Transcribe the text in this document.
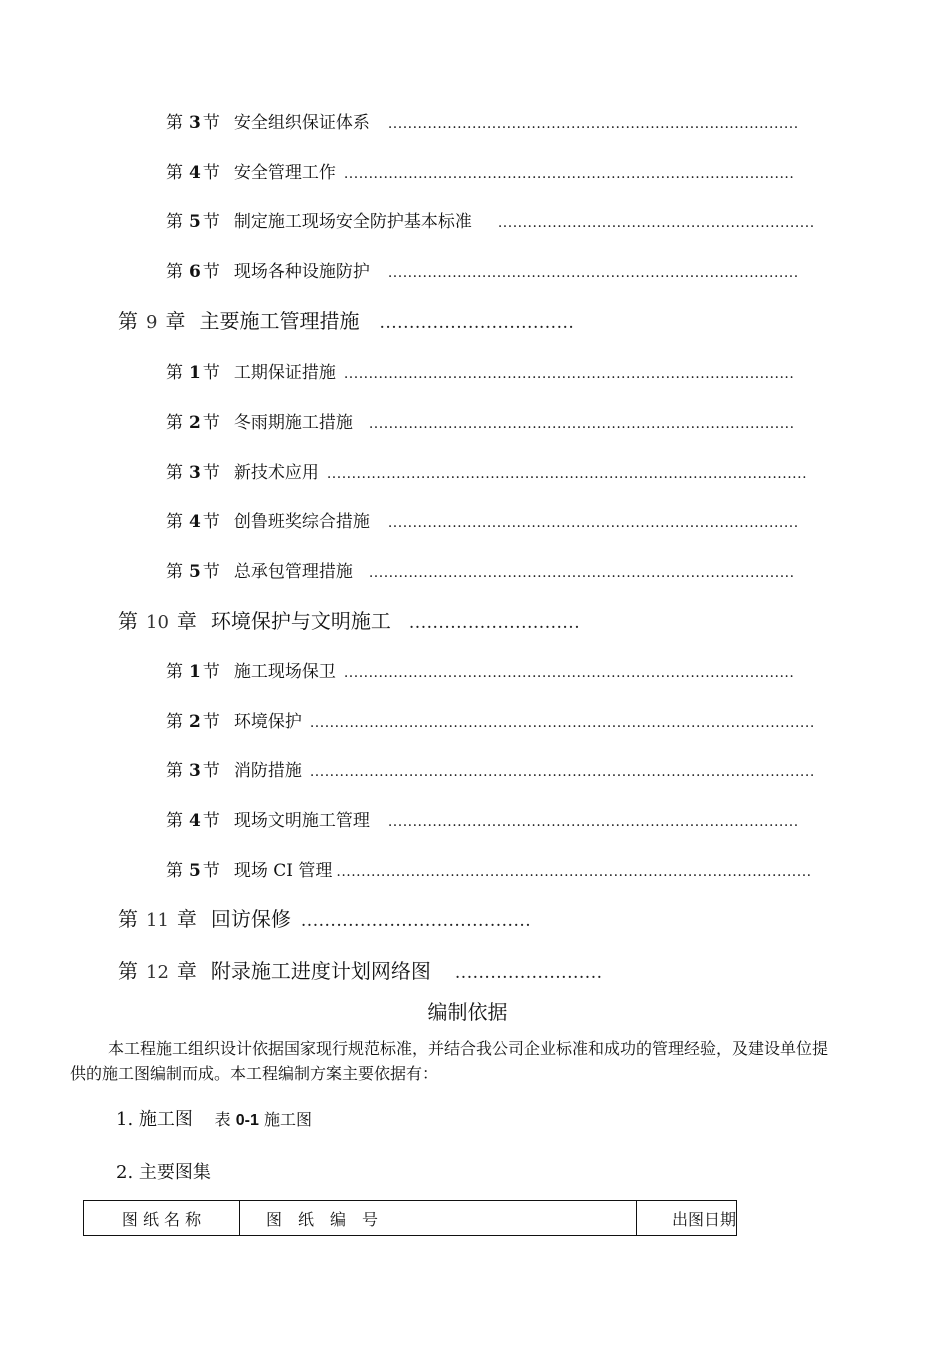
第 3 节 安全组织保证体系 ...................................................................................
第 4 节 安全管理工作 ...........................................................................................
第 5 节 制定施工现场安全防护基本标准 ................................................................
第 6 节 现场各种设施防护 ...................................................................................
第 9 章 主要施工管理措施 .................................
第 1 节 工期保证措施 ...........................................................................................
第 2 节 冬雨期施工措施 ......................................................................................
第 3 节 新技术应用 .................................................................................................
第 4 节 创鲁班奖综合措施 ...................................................................................
第 5 节 总承包管理措施 ......................................................................................
第 10 章 环境保护与文明施工 .............................
第 1 节 施工现场保卫 ...........................................................................................
第 2 节 环境保护 ......................................................................................................
第 3 节 消防措施 ......................................................................................................
第 4 节 现场文明施工管理 ...................................................................................
第 5 节 现场 CI 管理 ................................................................................................
第 11 章 回访保修 .......................................
第 12 章 附录施工进度计划网络图 .........................
编制依据
本工程施工组织设计依据国家现行规范标准，并结合我公司企业标准和成功的管理经验，及建设单位提供的施工图编制而成。本工程编制方案主要依据有：
1. 施工图 表 0-1 施工图
2. 主要图集
图 纸 名 称	图　纸　编　号	出图日期
